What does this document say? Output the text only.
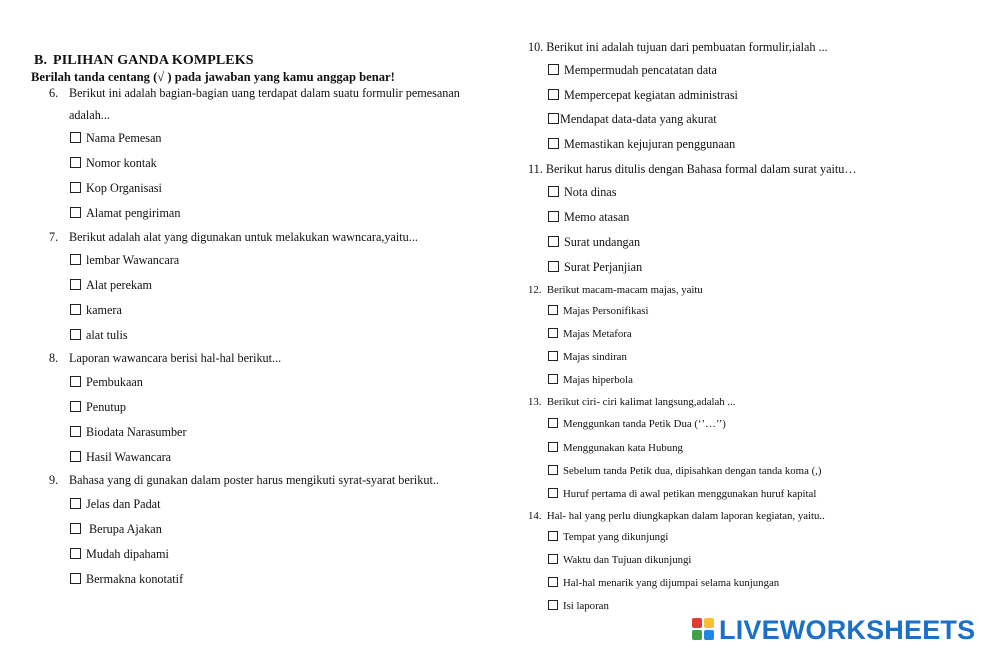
B. PILIHAN GANDA KOMPLEKS
Berilah tanda centang (√ ) pada jawaban yang kamu anggap benar!
6. Berikut ini adalah bagian-bagian uang terdapat dalam suatu formulir pemesanan
adalah...
Nama Pemesan
Nomor kontak
Kop Organisasi
Alamat pengiriman
7. Berikut adalah alat yang digunakan untuk melakukan wawncara,yaitu...
lembar Wawancara
Alat perekam
kamera
alat tulis
8. Laporan wawancara berisi hal-hal berikut...
Pembukaan
Penutup
Biodata Narasumber
Hasil Wawancara
9. Bahasa yang di gunakan dalam poster harus mengikuti syrat-syarat berikut..
Jelas dan Padat
Berupa Ajakan
Mudah dipahami
Bermakna konotatif
10. Berikut ini adalah tujuan dari pembuatan formulir,ialah ...
Mempermudah pencatatan data
Mempercepat kegiatan administrasi
Mendapat data-data yang akurat
Memastikan kejujuran penggunaan
11. Berikut harus ditulis dengan Bahasa formal dalam surat yaitu…
Nota dinas
Memo atasan
Surat undangan
Surat Perjanjian
12. Berikut macam-macam majas, yaitu
Majas Personifikasi
Majas Metafora
Majas sindiran
Majas hiperbola
13. Berikut ciri- ciri kalimat langsung,adalah ...
Menggunkan tanda Petik Dua (‘’…’’)
Menggunakan kata Hubung
Sebelum tanda Petik dua, dipisahkan dengan tanda koma (,)
Huruf pertama di awal petikan menggunakan huruf kapital
14. Hal- hal yang perlu diungkapkan dalam laporan kegiatan, yaitu..
Tempat yang dikunjungi
Waktu dan Tujuan dikunjungi
Hal-hal menarik yang dijumpai selama kunjungan
Isi laporan
LIVEWORKSHEETS
